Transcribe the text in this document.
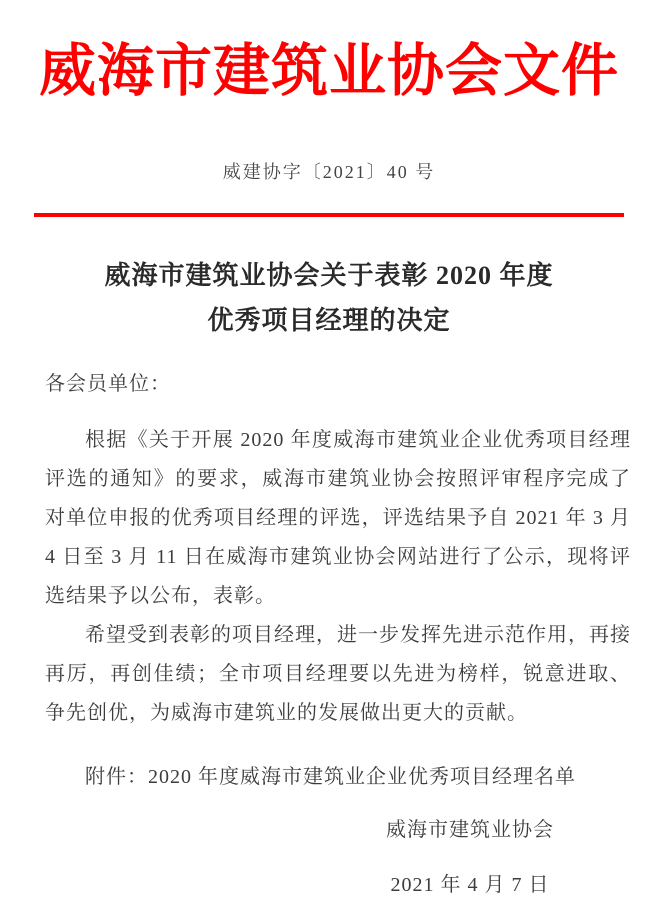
威海市建筑业协会文件
威建协字〔2021〕40 号
威海市建筑业协会关于表彰 2020 年度
优秀项目经理的决定

各会员单位：

根据《关于开展 2020 年度威海市建筑业企业优秀项目经理评选的通知》的要求，威海市建筑业协会按照评审程序完成了对单位申报的优秀项目经理的评选，评选结果予自 2021 年 3 月 4 日至 3 月 11 日在威海市建筑业协会网站进行了公示，现将评选结果予以公布，表彰。

希望受到表彰的项目经理，进一步发挥先进示范作用，再接再厉，再创佳绩；全市项目经理要以先进为榜样，锐意进取、争先创优，为威海市建筑业的发展做出更大的贡献。

附件：2020 年度威海市建筑业企业优秀项目经理名单

威海市建筑业协会
2021 年 4 月 7 日
